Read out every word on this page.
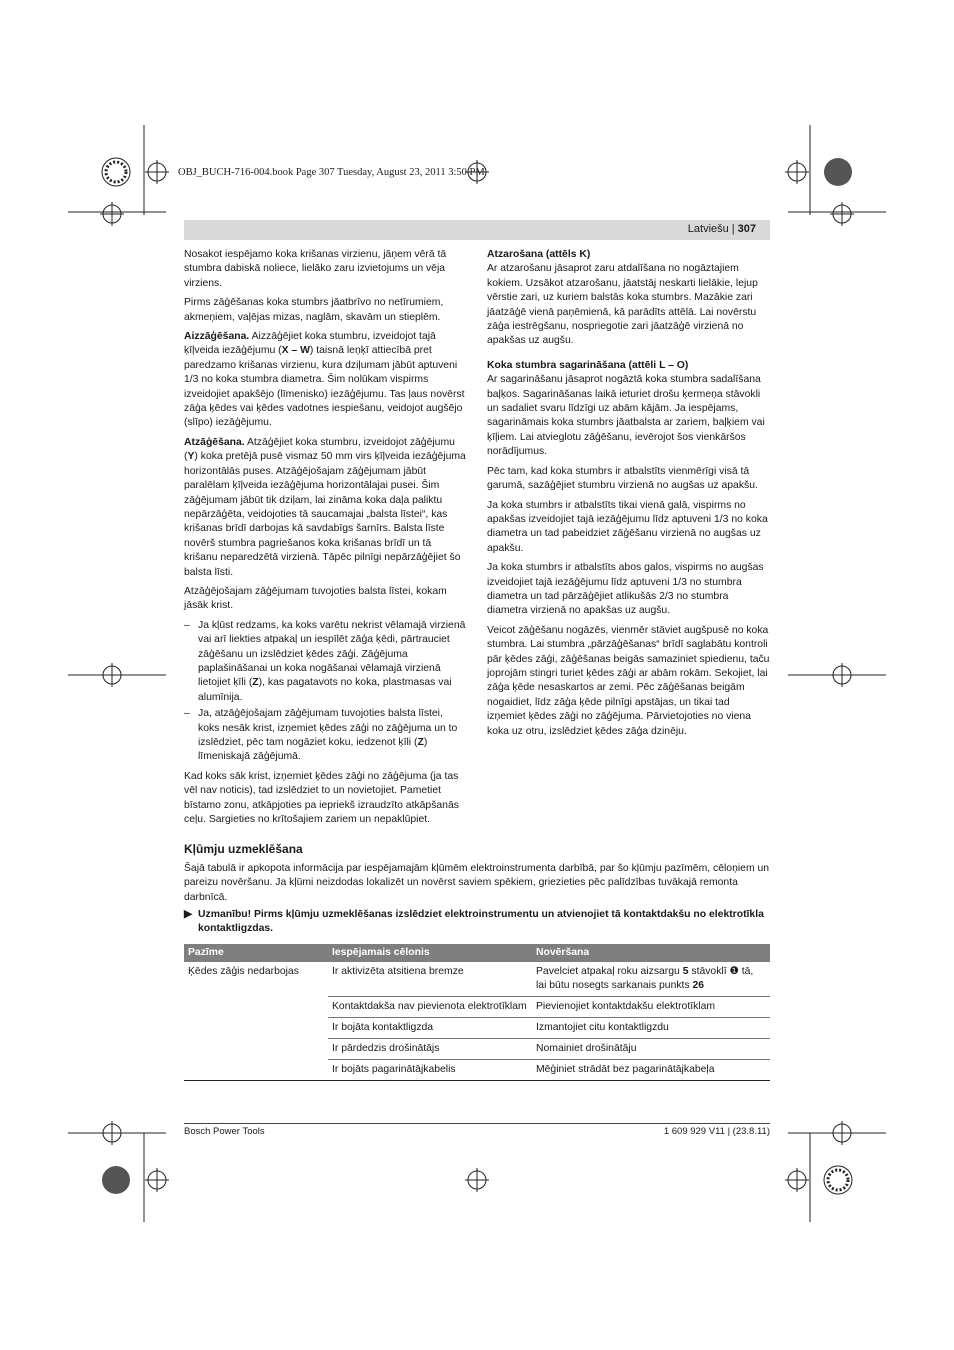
OBJ_BUCH-716-004.book Page 307 Tuesday, August 23, 2011 3:50 PM
Latviešu | 307

Nosakot iespējamo koka krišanas virzienu, jāņem vērā tā stumbra dabiskā noliece, lielāko zaru izvietojums un vēja virziens.

Pirms zāģēšanas koka stumbrs jāatbrīvo no netīrumiem, akmeņiem, vaļējas mizas, naglām, skavām un stieplēm.

Aizzāģēšana. Aizzāģējiet koka stumbru, izveidojot tajā ķīļveida iezāģējumu (X – W) taisnā leņķī attiecībā pret paredzamo krišanas virzienu, kura dziļumam jābūt aptuveni 1/3 no koka stumbra diametra. Šim nolūkam vispirms izveidojiet apakšējo (līmenisko) iezāģējumu. Tas ļaus novērst zāģa ķēdes vai ķēdes vadotnes iespiešanu, veidojot augšējo (slīpo) iezāģējumu.

Atzāģēšana. Atzāģējiet koka stumbru, izveidojot zāģējumu (Y) koka pretējā pusē vismaz 50 mm virs ķīļveida iezāģējuma horizontālās puses. Atzāģējošajam zāģējumam jābūt paralēlam ķīļveida iezāģējuma horizontālajai pusei. Šim zāģējumam jābūt tik dziļam, lai zināma koka daļa paliktu nepārzāģēta, veidojoties tā saucamajai „balsta līstei“, kas krišanas brīdī darbojas kā savdabīgs šarnīrs. Balsta līste novērš stumbra pagriešanos koka krišanas brīdī un tā krišanu neparedzētā virzienā. Tāpēc pilnīgi nepārzāģējiet šo balsta līsti.

Atzāģējošajam zāģējumam tuvojoties balsta līstei, kokam jāsāk krist.

– Ja kļūst redzams, ka koks varētu nekrist vēlamajā virzienā vai arī liekties atpakaļ un iespīlēt zāģa ķēdi, pārtrauciet zāģēšanu un izslēdziet ķēdes zāģi. Zāģējuma paplašināšanai un koka nogāšanai vēlamajā virzienā lietojiet ķīli (Z), kas pagatavots no koka, plastmasas vai alumīnija.
– Ja, atzāģējošajam zāģējumam tuvojoties balsta līstei, koks nesāk krist, izņemiet ķēdes zāģi no zāģējuma un to izslēdziet, pēc tam nogāziet koku, iedzenot ķīli (Z) līmeniskajā zāģējumā.

Kad koks sāk krist, izņemiet ķēdes zāģi no zāģējuma (ja tas vēl nav noticis), tad izslēdziet to un novietojiet. Pametiet bīstamo zonu, atkāpjoties pa iepriekš izraudzīto atkāpšanās ceļu. Sargieties no krītošajiem zariem un nepaklūpiet.

Atzarošana (attēls K)

Ar atzarošanu jāsaprot zaru atdalīšana no nogāztajiem kokiem. Uzsākot atzarošanu, jāatstāj neskarti lielākie, lejup vērstie zari, uz kuriem balstās koka stumbrs. Mazākie zari jāatzāģē vienā paņēmienā, kā parādīts attēlā. Lai novērstu zāģa iestrēgšanu, nospriegotie zari jāatzāģē virzienā no apakšas uz augšu.

Koka stumbra sagarināšana (attēli L – O)

Ar sagarināšanu jāsaprot nogāztā koka stumbra sadalīšana baļķos. Sagarināšanas laikā ieturiet drošu ķermeņa stāvokli un sadaliet svaru līdzīgi uz abām kājām. Ja iespējams, sagarināmais koka stumbrs jāatbalsta ar zariem, baļķiem vai ķīļiem. Lai atvieglotu zāģēšanu, ievērojot šos vienkāršos norādījumus.

Pēc tam, kad koka stumbrs ir atbalstīts vienmērīgi visā tā garumā, sazāģējiet stumbru virzienā no augšas uz apakšu.

Ja koka stumbrs ir atbalstīts tikai vienā galā, vispirms no apakšas izveidojiet tajā iezāģējumu līdz aptuveni 1/3 no koka diametra un tad pabeidziet zāģēšanu virzienā no augšas uz apakšu.

Ja koka stumbrs ir atbalstīts abos galos, vispirms no augšas izveidojiet tajā iezāģējumu līdz aptuveni 1/3 no stumbra diametra un tad pārzāģējiet atlikušās 2/3 no stumbra diametra virzienā no apakšas uz augšu.

Veicot zāģēšanu nogāzēs, vienmēr stāviet augšpusē no koka stumbra. Lai stumbra „pārzāģēšanas“ brīdī saglabātu kontroli pār ķēdes zāģi, zāģēšanas beigās samaziniet spiedienu, taču joprojām stingri turiet ķēdes zāģi ar abām rokām. Sekojiet, lai zāģa ķēde nesaskartos ar zemi. Pēc zāģēšanas beigām nogaidiet, līdz zāģa ķēde pilnīgi apstājas, un tikai tad izņemiet ķēdes zāģi no zāģējuma. Pārvietojoties no viena koka uz otru, izslēdziet ķēdes zāģa dzinēju.

Kļūmju uzmeklēšana
Šajā tabulā ir apkopota informācija par iespējamajām kļūmēm elektroinstrumenta darbībā, par šo kļūmju pazīmēm, cēloņiem un pareizu novēršanu. Ja kļūmi neizdodas lokalizēt un novērst saviem spēkiem, griezieties pēc palīdzības tuvākajā remonta darbnīcā.
▶ Uzmanību! Pirms kļūmju uzmeklēšanas izslēdziet elektroinstrumentu un atvienojiet tā kontaktdakšu no elektrotīkla kontaktligzdas.
Pazīme	Iespējamais cēlonis	Novēršana
Ķēdes zāģis nedarbojas	Ir aktivizēta atsitiena bremze	Pavelciet atpakaļ roku aizsargu 5 stāvoklī ❶ tā, lai būtu nosegts sarkanais punkts 26
	Kontaktdakša nav pievienota elektrotīklam	Pievienojiet kontaktdakšu elektrotīklam
	Ir bojāta kontaktligzda	Izmantojiet citu kontaktligzdu
	Ir pārdedzis drošinātājs	Nomainiet drošinātāju
	Ir bojāts pagarinātājkabelis	Mēģiniet strādāt bez pagarinātājkabeļa
Bosch Power Tools	1 609 929 V11 | (23.8.11)
